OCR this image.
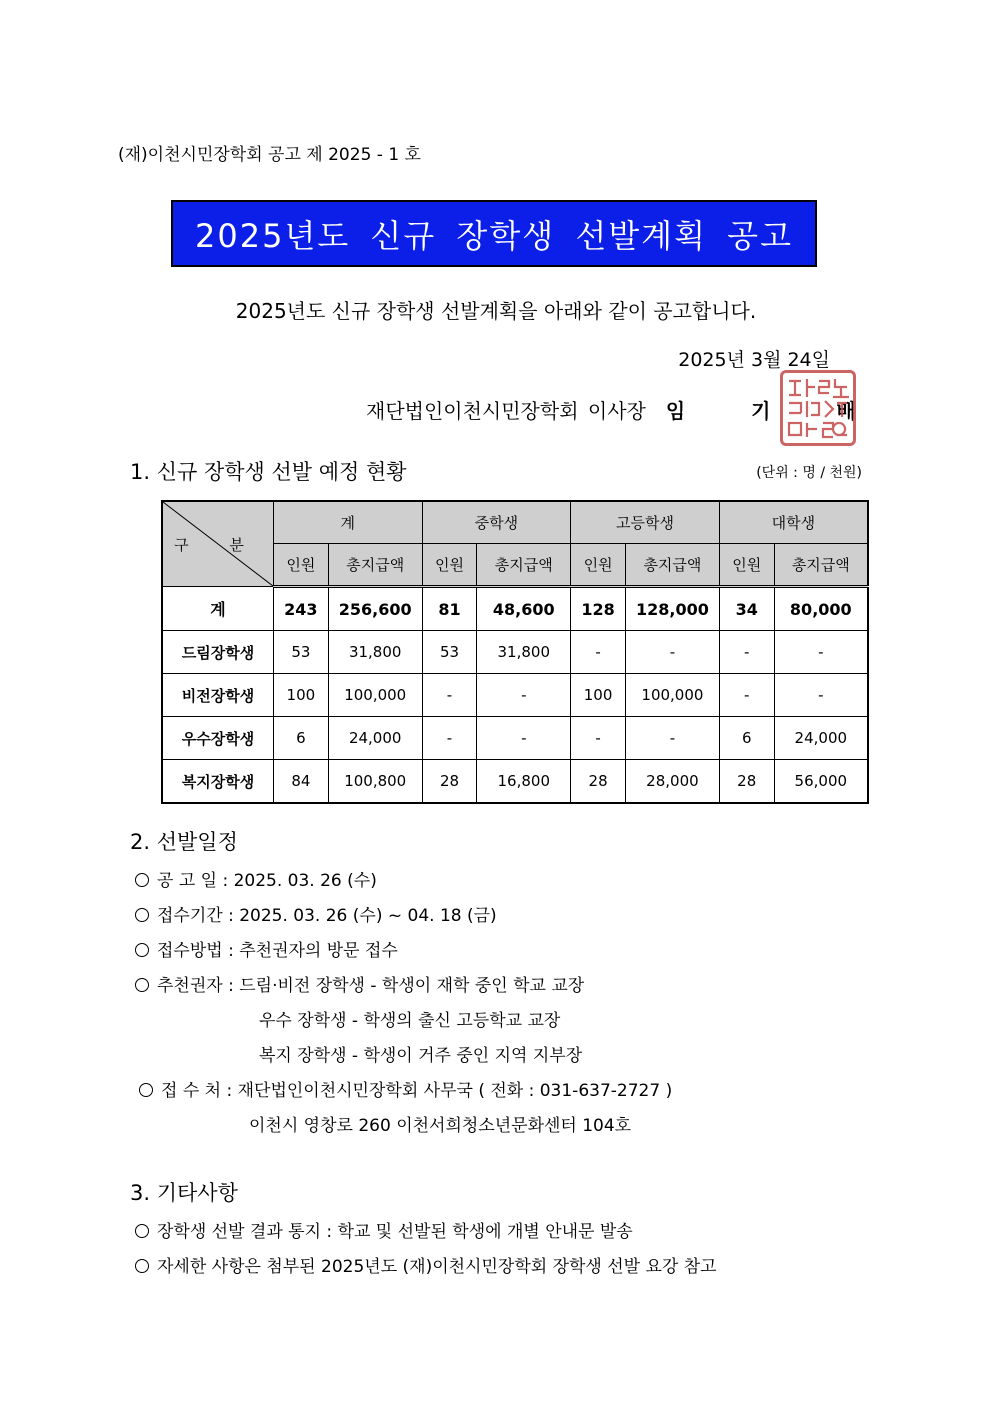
(재)이천시민장학회 공고 제 2025 - 1 호
2025년도 신규 장학생 선발계획 공고
2025년도 신규 장학생 선발계획을 아래와 같이 공고합니다.
2025년 3월 24일
재단법인이천시민장학회 이사장 임 기 배
1. 신규 장학생 선발 예정 현황	(단위 : 명 / 천원)
구 분	계		중학생		고등학생		대학생	
	인원	총지급액	인원	총지급액	인원	총지급액	인원	총지급액
계	243	256,600	81	48,600	128	128,000	34	80,000
드림장학생	53	31,800	53	31,800	-	-	-	-
비전장학생	100	100,000	-	-	100	100,000	-	-
우수장학생	6	24,000	-	-	-	-	6	24,000
복지장학생	84	100,800	28	16,800	28	28,000	28	56,000
2. 선발일정
공 고 일 : 2025. 03. 26 (수)
접수기간 : 2025. 03. 26 (수) ~ 04. 18 (금)
접수방법 : 추천권자의 방문 접수
추천권자 : 드림·비전 장학생 - 학생이 재학 중인 학교 교장
우수 장학생 - 학생의 출신 고등학교 교장
복지 장학생 - 학생이 거주 중인 지역 지부장
접 수 처 : 재단법인이천시민장학회 사무국 ( 전화 : 031-637-2727 )
이천시 영창로 260 이천서희청소년문화센터 104호
3. 기타사항
장학생 선발 결과 통지 : 학교 및 선발된 학생에 개별 안내문 발송
자세한 사항은 첨부된 2025년도 (재)이천시민장학회 장학생 선발 요강 참고
